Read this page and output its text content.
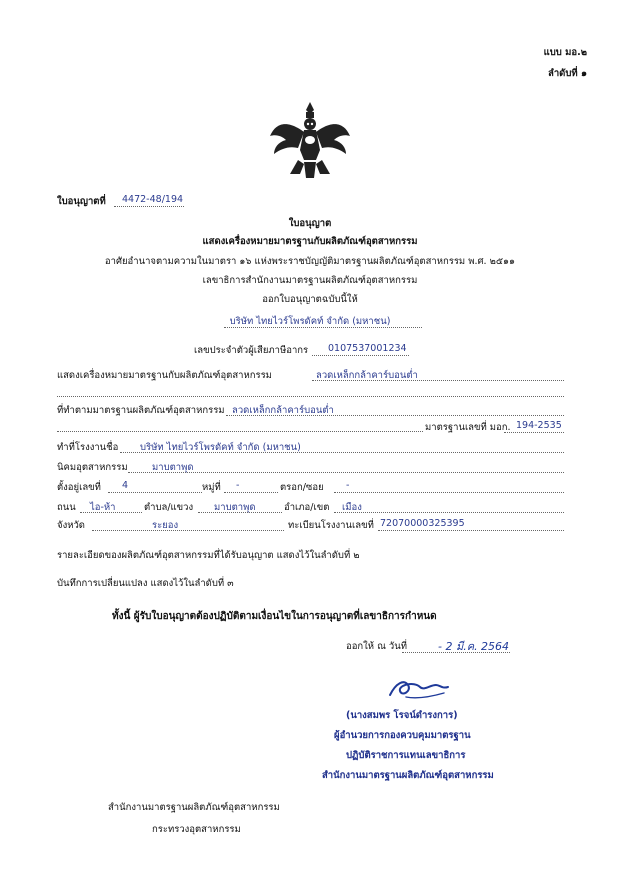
แบบ มอ.๒
ลำดับที่ ๑
ใบอนุญาตที่ 4472-48/194
ใบอนุญาต
แสดงเครื่องหมายมาตรฐานกับผลิตภัณฑ์อุตสาหกรรม
อาศัยอำนาจตามความในมาตรา ๑๖ แห่งพระราชบัญญัติมาตรฐานผลิตภัณฑ์อุตสาหกรรม พ.ศ. ๒๕๑๑
เลขาธิการสำนักงานมาตรฐานผลิตภัณฑ์อุตสาหกรรม
ออกใบอนุญาตฉบับนี้ให้
บริษัท ไทยไวร์โพรดัคท์ จำกัด (มหาชน)
เลขประจำตัวผู้เสียภาษีอากร 0107537001234
แสดงเครื่องหมายมาตรฐานกับผลิตภัณฑ์อุตสาหกรรม	ลวดเหล็กกล้าคาร์บอนต่ำ
ที่ทำตามมาตรฐานผลิตภัณฑ์อุตสาหกรรม ลวดเหล็กกล้าคาร์บอนต่ำ
มาตรฐานเลขที่ มอก. 194-2535
ทำที่โรงงานชื่อ บริษัท ไทยไวร์โพรดัคท์ จำกัด (มหาชน)
นิคมอุตสาหกรรม	มาบตาพุด
ตั้งอยู่เลขที่ 4	หมู่ที่ -	ตรอก/ซอย -
ถนน ไอ-ห้า	ตำบล/แขวง มาบตาพุด	อำเภอ/เขต เมือง
จังหวัด	ระยอง	ทะเบียนโรงงานเลขที่ 72070000325395
รายละเอียดของผลิตภัณฑ์อุตสาหกรรมที่ได้รับอนุญาต แสดงไว้ในลำดับที่ ๒
บันทึกการเปลี่ยนแปลง แสดงไว้ในลำดับที่ ๓
ทั้งนี้ ผู้รับใบอนุญาตต้องปฏิบัติตามเงื่อนไขในการอนุญาตที่เลขาธิการกำหนด
ออกให้ ณ วันที่	- 2 มี.ค. 2564
(นางสมพร โรจน์ดำรงการ)
ผู้อำนวยการกองควบคุมมาตรฐาน
ปฏิบัติราชการแทนเลขาธิการ
สำนักงานมาตรฐานผลิตภัณฑ์อุตสาหกรรม
สำนักงานมาตรฐานผลิตภัณฑ์อุตสาหกรรม
กระทรวงอุตสาหกรรม
